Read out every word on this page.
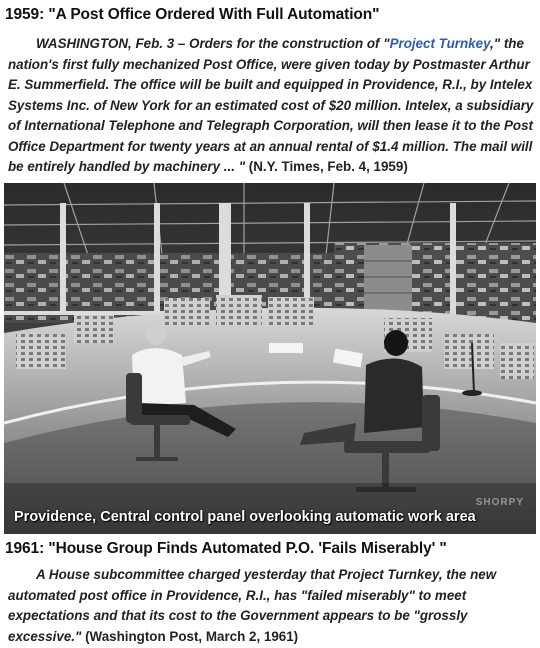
1959: "A Post Office Ordered With Full Automation"
WASHINGTON, Feb. 3 – Orders for the construction of "Project Turnkey," the nation's first fully mechanized Post Office, were given today by Postmaster Arthur E. Summerfield. The office will be built and equipped in Providence, R.I., by Intelex Systems Inc. of New York for an estimated cost of $20 million. Intelex, a subsidiary of International Telephone and Telegraph Corporation, will then lease it to the Post Office Department for twenty years at an annual rental of $1.4 million. The mail will be entirely handled by machinery ... " (N.Y. Times, Feb. 4, 1959)
SHORPY
Providence, Central control panel overlooking automatic work area
1961: "House Group Finds Automated P.O. 'Fails Miserably' "
A House subcommittee charged yesterday that Project Turnkey, the new automated post office in Providence, R.I., has "failed miserably" to meet expectations and that its cost to the Government appears to be "grossly excessive." (Washington Post, March 2, 1961)
